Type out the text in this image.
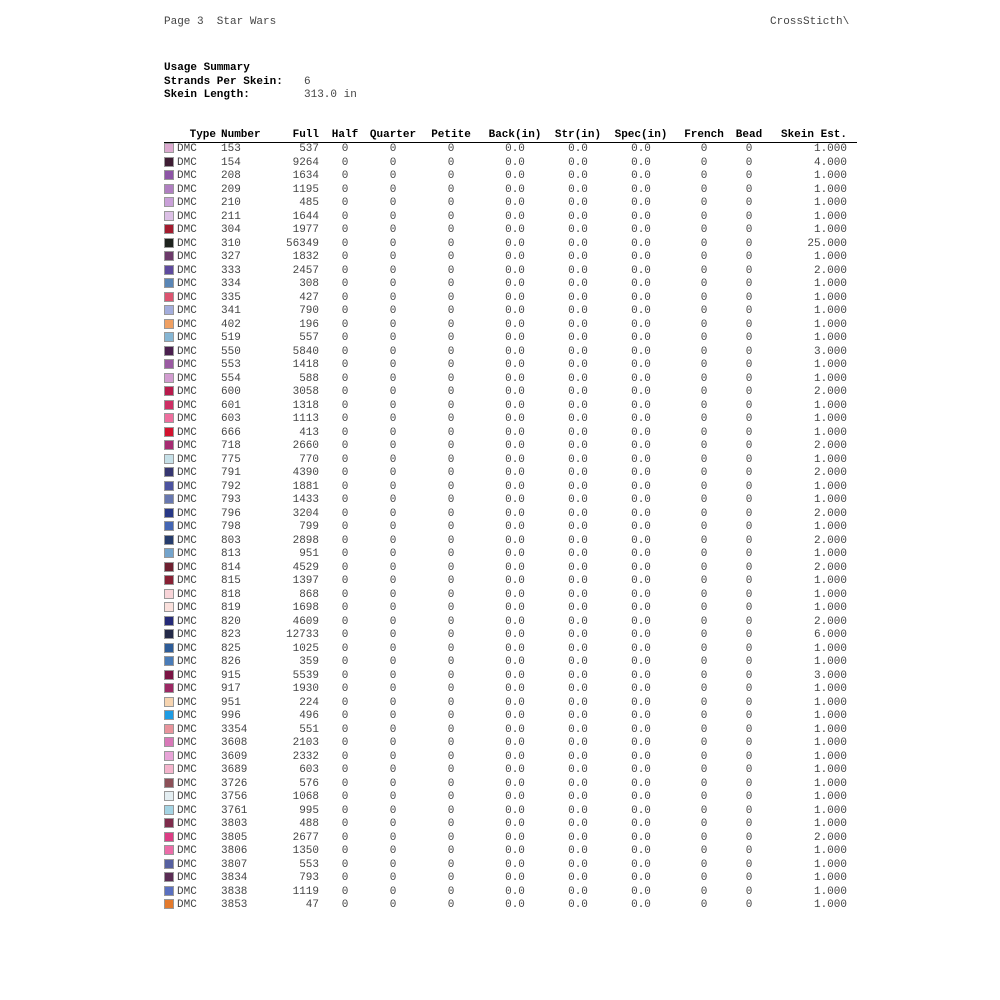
Page 3  Star Wars	CrossSticth\
Usage Summary
Strands Per Skein:	6
Skein Length:	313.0 in
Type	Number	Full	Half	Quarter	Petite	Back(in)	Str(in)	Spec(in)	French	Bead	Skein Est.
DMC	153	537	0	0	0	0.0	0.0	0.0	0	0	1.000
DMC	154	9264	0	0	0	0.0	0.0	0.0	0	0	4.000
DMC	208	1634	0	0	0	0.0	0.0	0.0	0	0	1.000
DMC	209	1195	0	0	0	0.0	0.0	0.0	0	0	1.000
DMC	210	485	0	0	0	0.0	0.0	0.0	0	0	1.000
DMC	211	1644	0	0	0	0.0	0.0	0.0	0	0	1.000
DMC	304	1977	0	0	0	0.0	0.0	0.0	0	0	1.000
DMC	310	56349	0	0	0	0.0	0.0	0.0	0	0	25.000
DMC	327	1832	0	0	0	0.0	0.0	0.0	0	0	1.000
DMC	333	2457	0	0	0	0.0	0.0	0.0	0	0	2.000
DMC	334	308	0	0	0	0.0	0.0	0.0	0	0	1.000
DMC	335	427	0	0	0	0.0	0.0	0.0	0	0	1.000
DMC	341	790	0	0	0	0.0	0.0	0.0	0	0	1.000
DMC	402	196	0	0	0	0.0	0.0	0.0	0	0	1.000
DMC	519	557	0	0	0	0.0	0.0	0.0	0	0	1.000
DMC	550	5840	0	0	0	0.0	0.0	0.0	0	0	3.000
DMC	553	1418	0	0	0	0.0	0.0	0.0	0	0	1.000
DMC	554	588	0	0	0	0.0	0.0	0.0	0	0	1.000
DMC	600	3058	0	0	0	0.0	0.0	0.0	0	0	2.000
DMC	601	1318	0	0	0	0.0	0.0	0.0	0	0	1.000
DMC	603	1113	0	0	0	0.0	0.0	0.0	0	0	1.000
DMC	666	413	0	0	0	0.0	0.0	0.0	0	0	1.000
DMC	718	2660	0	0	0	0.0	0.0	0.0	0	0	2.000
DMC	775	770	0	0	0	0.0	0.0	0.0	0	0	1.000
DMC	791	4390	0	0	0	0.0	0.0	0.0	0	0	2.000
DMC	792	1881	0	0	0	0.0	0.0	0.0	0	0	1.000
DMC	793	1433	0	0	0	0.0	0.0	0.0	0	0	1.000
DMC	796	3204	0	0	0	0.0	0.0	0.0	0	0	2.000
DMC	798	799	0	0	0	0.0	0.0	0.0	0	0	1.000
DMC	803	2898	0	0	0	0.0	0.0	0.0	0	0	2.000
DMC	813	951	0	0	0	0.0	0.0	0.0	0	0	1.000
DMC	814	4529	0	0	0	0.0	0.0	0.0	0	0	2.000
DMC	815	1397	0	0	0	0.0	0.0	0.0	0	0	1.000
DMC	818	868	0	0	0	0.0	0.0	0.0	0	0	1.000
DMC	819	1698	0	0	0	0.0	0.0	0.0	0	0	1.000
DMC	820	4609	0	0	0	0.0	0.0	0.0	0	0	2.000
DMC	823	12733	0	0	0	0.0	0.0	0.0	0	0	6.000
DMC	825	1025	0	0	0	0.0	0.0	0.0	0	0	1.000
DMC	826	359	0	0	0	0.0	0.0	0.0	0	0	1.000
DMC	915	5539	0	0	0	0.0	0.0	0.0	0	0	3.000
DMC	917	1930	0	0	0	0.0	0.0	0.0	0	0	1.000
DMC	951	224	0	0	0	0.0	0.0	0.0	0	0	1.000
DMC	996	496	0	0	0	0.0	0.0	0.0	0	0	1.000
DMC	3354	551	0	0	0	0.0	0.0	0.0	0	0	1.000
DMC	3608	2103	0	0	0	0.0	0.0	0.0	0	0	1.000
DMC	3609	2332	0	0	0	0.0	0.0	0.0	0	0	1.000
DMC	3689	603	0	0	0	0.0	0.0	0.0	0	0	1.000
DMC	3726	576	0	0	0	0.0	0.0	0.0	0	0	1.000
DMC	3756	1068	0	0	0	0.0	0.0	0.0	0	0	1.000
DMC	3761	995	0	0	0	0.0	0.0	0.0	0	0	1.000
DMC	3803	488	0	0	0	0.0	0.0	0.0	0	0	1.000
DMC	3805	2677	0	0	0	0.0	0.0	0.0	0	0	2.000
DMC	3806	1350	0	0	0	0.0	0.0	0.0	0	0	1.000
DMC	3807	553	0	0	0	0.0	0.0	0.0	0	0	1.000
DMC	3834	793	0	0	0	0.0	0.0	0.0	0	0	1.000
DMC	3838	1119	0	0	0	0.0	0.0	0.0	0	0	1.000
DMC	3853	47	0	0	0	0.0	0.0	0.0	0	0	1.000
